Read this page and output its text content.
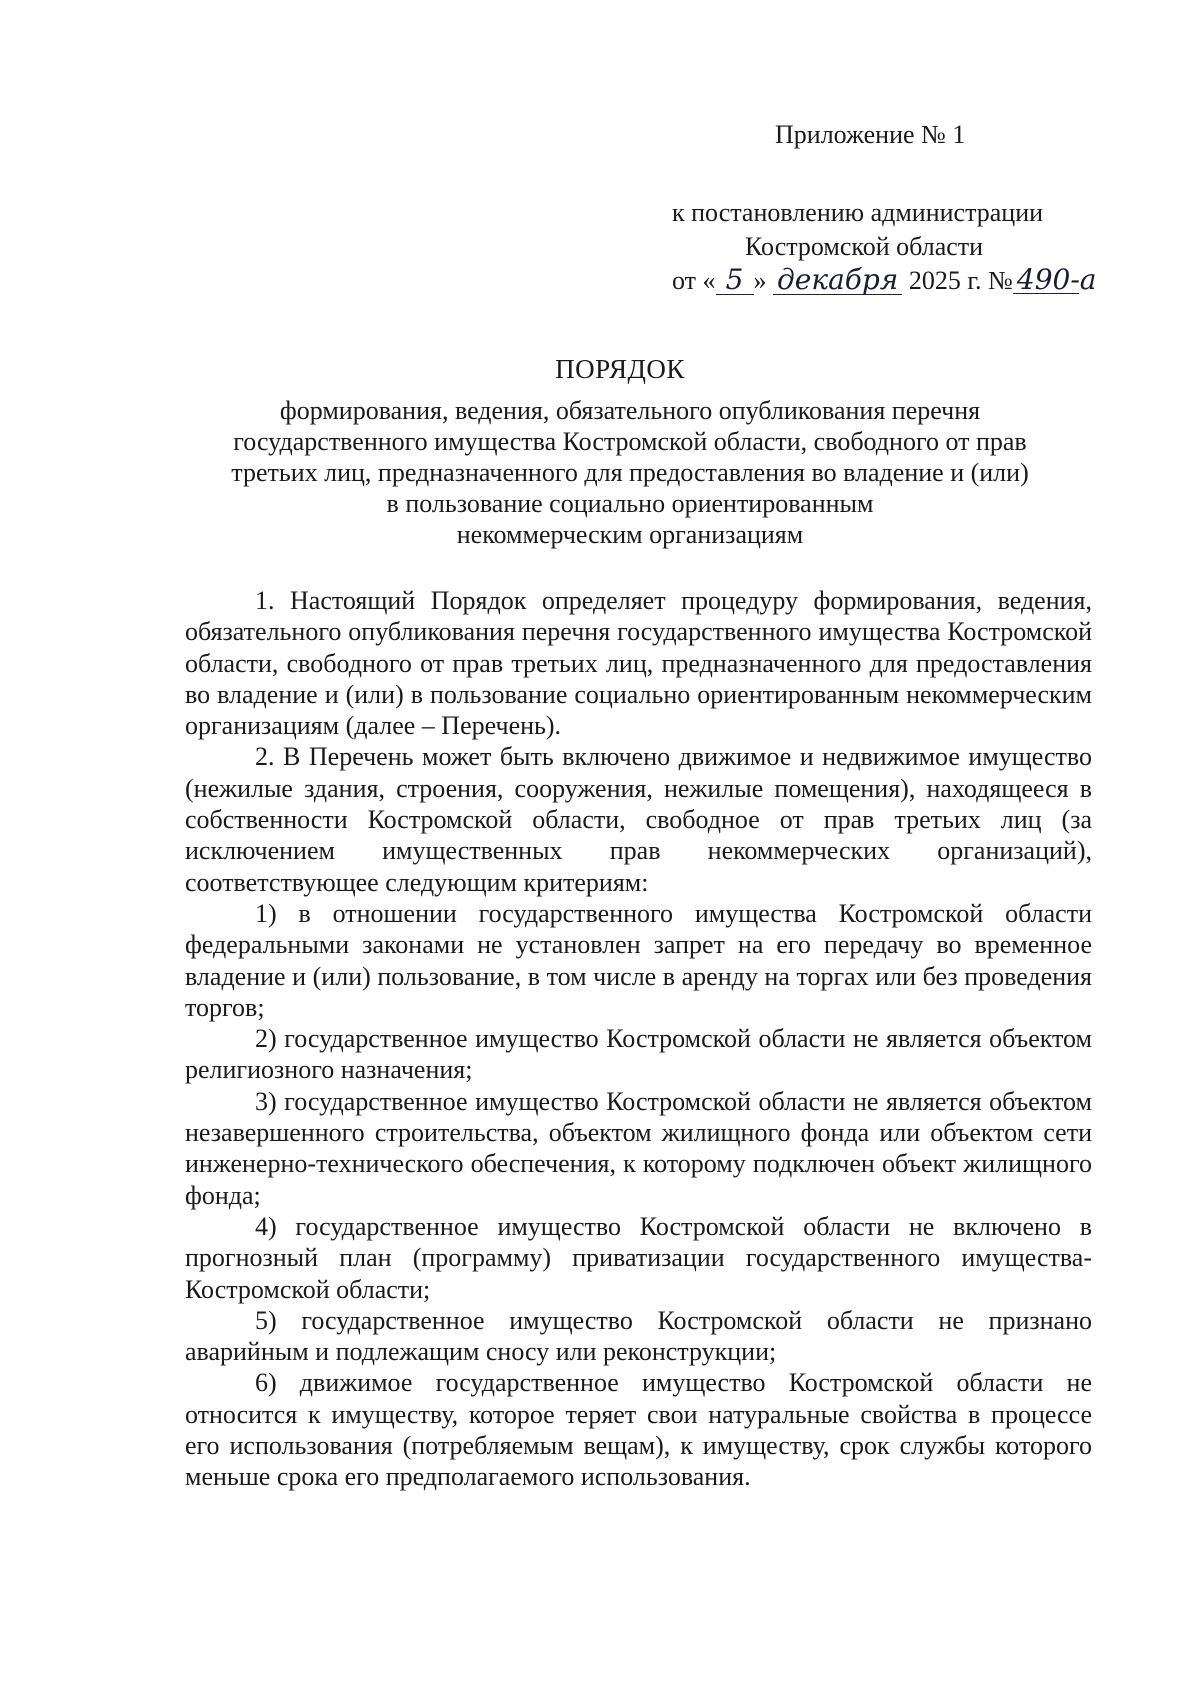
Приложение № 1
к постановлению администрации
Костромской области
от « 5 » декабря 2025 г. № 490-а
ПОРЯДОК
формирования, ведения, обязательного опубликования перечня
государственного имущества Костромской области, свободного от прав
третьих лиц, предназначенного для предоставления во владение и (или)
в пользование социально ориентированным
некоммерческим организациям

1. Настоящий Порядок определяет процедуру формирования, ведения, обязательного опубликования перечня государственного имущества Костромской области, свободного от прав третьих лиц, предназначенного для предоставления во владение и (или) в пользование социально ориентированным некоммерческим организациям (далее – Перечень).

2. В Перечень может быть включено движимое и недвижимое имущество (нежилые здания, строения, сооружения, нежилые помещения), находящееся в собственности Костромской области, свободное от прав третьих лиц (за исключением имущественных прав некоммерческих организаций), соответствующее следующим критериям:

1) в отношении государственного имущества Костромской области федеральными законами не установлен запрет на его передачу во временное владение и (или) пользование, в том числе в аренду на торгах или без проведения торгов;

2) государственное имущество Костромской области не является объектом религиозного назначения;

3) государственное имущество Костромской области не является объектом незавершенного строительства, объектом жилищного фонда или объектом сети инженерно-технического обеспечения, к которому подключен объект жилищного фонда;

4) государственное имущество Костромской области не включено в прогнозный план (программу) приватизации государственного имущества-Костромской области;

5) государственное имущество Костромской области не признано аварийным и подлежащим сносу или реконструкции;

6) движимое государственное имущество Костромской области не относится к имуществу, которое теряет свои натуральные свойства в процессе его использования (потребляемым вещам), к имуществу, срок службы которого меньше срока его предполагаемого использования.
